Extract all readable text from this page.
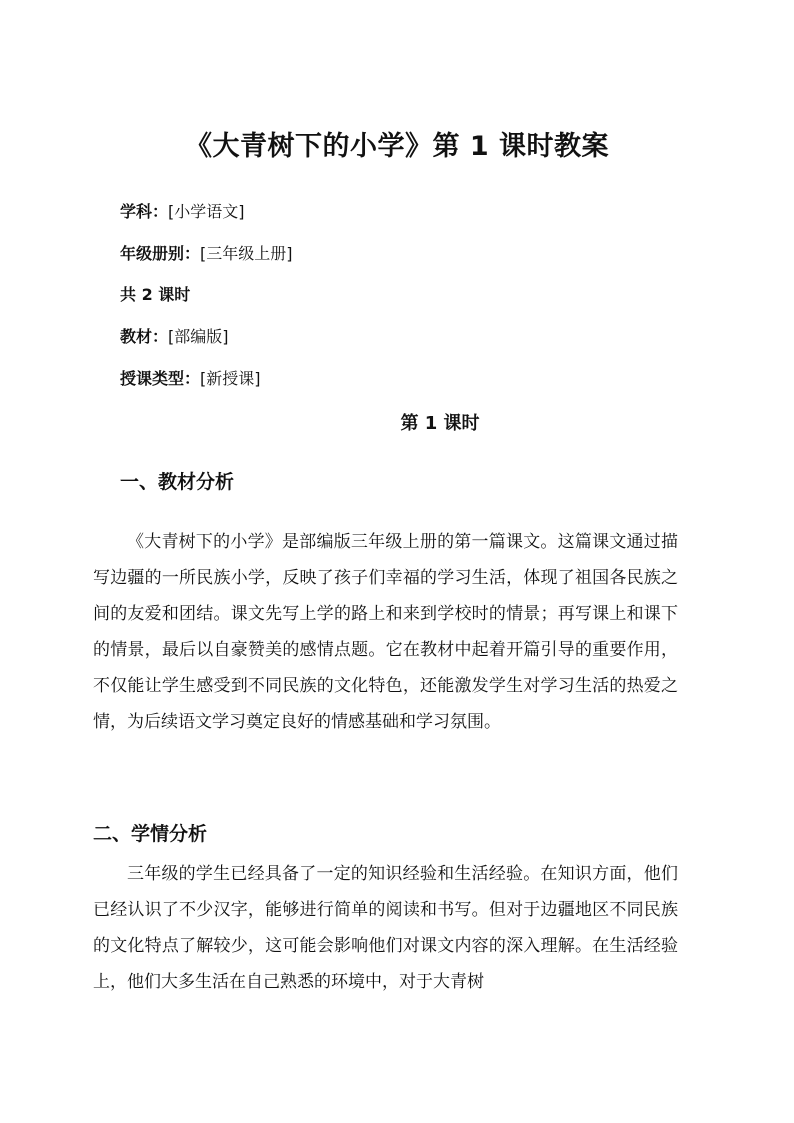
《大青树下的小学》第 1 课时教案
学科：[小学语文]
年级册别：[三年级上册]
共 2 课时
教材：[部编版]
授课类型：[新授课]
第 1 课时
一、教材分析

《大青树下的小学》是部编版三年级上册的第一篇课文。这篇课文通过描写边疆的一所民族小学，反映了孩子们幸福的学习生活，体现了祖国各民族之间的友爱和团结。课文先写上学的路上和来到学校时的情景；再写课上和课下的情景，最后以自豪赞美的感情点题。它在教材中起着开篇引导的重要作用，不仅能让学生感受到不同民族的文化特色，还能激发学生对学习生活的热爱之情，为后续语文学习奠定良好的情感基础和学习氛围。

二、学情分析

三年级的学生已经具备了一定的知识经验和生活经验。在知识方面，他们已经认识了不少汉字，能够进行简单的阅读和书写。但对于边疆地区不同民族的文化特点了解较少，这可能会影响他们对课文内容的深入理解。在生活经验上，他们大多生活在自己熟悉的环境中，对于大青树
